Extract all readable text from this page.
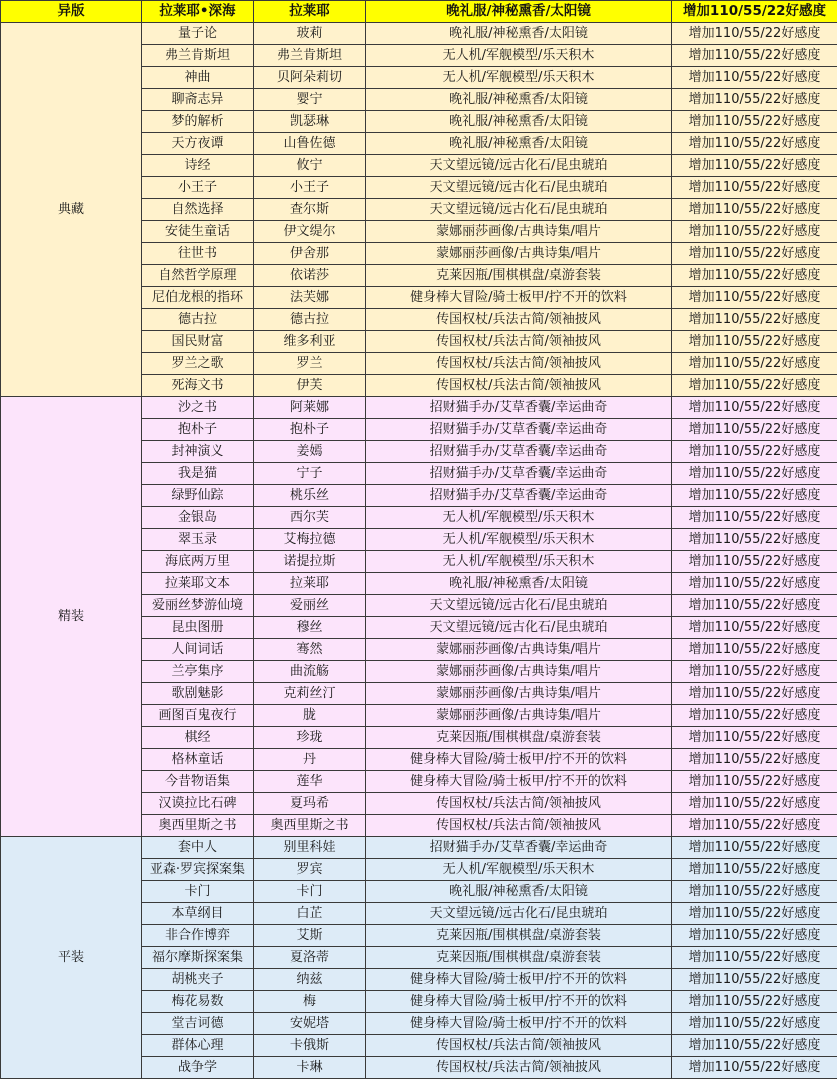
异版	拉莱耶•深海	拉莱耶	晚礼服/神秘熏香/太阳镜	增加110/55/22好感度
典藏	量子论	玻莉	晚礼服/神秘熏香/太阳镜	增加110/55/22好感度
	弗兰肯斯坦	弗兰肯斯坦	无人机/军舰模型/乐天积木	增加110/55/22好感度
	神曲	贝阿朵莉切	无人机/军舰模型/乐天积木	增加110/55/22好感度
	聊斋志异	婴宁	晚礼服/神秘熏香/太阳镜	增加110/55/22好感度
	梦的解析	凯瑟琳	晚礼服/神秘熏香/太阳镜	增加110/55/22好感度
	天方夜谭	山鲁佐德	晚礼服/神秘熏香/太阳镜	增加110/55/22好感度
	诗经	攸宁	天文望远镜/远古化石/昆虫琥珀	增加110/55/22好感度
	小王子	小王子	天文望远镜/远古化石/昆虫琥珀	增加110/55/22好感度
	自然选择	查尔斯	天文望远镜/远古化石/昆虫琥珀	增加110/55/22好感度
	安徒生童话	伊文缇尔	蒙娜丽莎画像/古典诗集/唱片	增加110/55/22好感度
	往世书	伊舍那	蒙娜丽莎画像/古典诗集/唱片	增加110/55/22好感度
	自然哲学原理	依诺莎	克莱因瓶/围棋棋盘/桌游套装	增加110/55/22好感度
	尼伯龙根的指环	法芙娜	健身棒大冒险/骑士板甲/拧不开的饮料	增加110/55/22好感度
	德古拉	德古拉	传国权杖/兵法古简/领袖披风	增加110/55/22好感度
	国民财富	维多利亚	传国权杖/兵法古简/领袖披风	增加110/55/22好感度
	罗兰之歌	罗兰	传国权杖/兵法古简/领袖披风	增加110/55/22好感度
	死海文书	伊芙	传国权杖/兵法古简/领袖披风	增加110/55/22好感度
精装	沙之书	阿莱娜	招财猫手办/艾草香囊/幸运曲奇	增加110/55/22好感度
	抱朴子	抱朴子	招财猫手办/艾草香囊/幸运曲奇	增加110/55/22好感度
	封神演义	姜嫣	招财猫手办/艾草香囊/幸运曲奇	增加110/55/22好感度
	我是猫	宁子	招财猫手办/艾草香囊/幸运曲奇	增加110/55/22好感度
	绿野仙踪	桃乐丝	招财猫手办/艾草香囊/幸运曲奇	增加110/55/22好感度
	金银岛	西尔芙	无人机/军舰模型/乐天积木	增加110/55/22好感度
	翠玉录	艾梅拉德	无人机/军舰模型/乐天积木	增加110/55/22好感度
	海底两万里	诺提拉斯	无人机/军舰模型/乐天积木	增加110/55/22好感度
	拉莱耶文本	拉莱耶	晚礼服/神秘熏香/太阳镜	增加110/55/22好感度
	爱丽丝梦游仙境	爱丽丝	天文望远镜/远古化石/昆虫琥珀	增加110/55/22好感度
	昆虫图册	穆丝	天文望远镜/远古化石/昆虫琥珀	增加110/55/22好感度
	人间词话	骞然	蒙娜丽莎画像/古典诗集/唱片	增加110/55/22好感度
	兰亭集序	曲流觞	蒙娜丽莎画像/古典诗集/唱片	增加110/55/22好感度
	歌剧魅影	克莉丝汀	蒙娜丽莎画像/古典诗集/唱片	增加110/55/22好感度
	画图百鬼夜行	胧	蒙娜丽莎画像/古典诗集/唱片	增加110/55/22好感度
	棋经	珍珑	克莱因瓶/围棋棋盘/桌游套装	增加110/55/22好感度
	格林童话	丹	健身棒大冒险/骑士板甲/拧不开的饮料	增加110/55/22好感度
	今昔物语集	莲华	健身棒大冒险/骑士板甲/拧不开的饮料	增加110/55/22好感度
	汉谟拉比石碑	夏玛希	传国权杖/兵法古简/领袖披风	增加110/55/22好感度
	奥西里斯之书	奥西里斯之书	传国权杖/兵法古简/领袖披风	增加110/55/22好感度
平装	套中人	别里科娃	招财猫手办/艾草香囊/幸运曲奇	增加110/55/22好感度
	亚森·罗宾探案集	罗宾	无人机/军舰模型/乐天积木	增加110/55/22好感度
	卡门	卡门	晚礼服/神秘熏香/太阳镜	增加110/55/22好感度
	本草纲目	白芷	天文望远镜/远古化石/昆虫琥珀	增加110/55/22好感度
	非合作博弈	艾斯	克莱因瓶/围棋棋盘/桌游套装	增加110/55/22好感度
	福尔摩斯探案集	夏洛蒂	克莱因瓶/围棋棋盘/桌游套装	增加110/55/22好感度
	胡桃夹子	纳兹	健身棒大冒险/骑士板甲/拧不开的饮料	增加110/55/22好感度
	梅花易数	梅	健身棒大冒险/骑士板甲/拧不开的饮料	增加110/55/22好感度
	堂吉诃德	安妮塔	健身棒大冒险/骑士板甲/拧不开的饮料	增加110/55/22好感度
	群体心理	卡俄斯	传国权杖/兵法古简/领袖披风	增加110/55/22好感度
	战争学	卡琳	传国权杖/兵法古简/领袖披风	增加110/55/22好感度
